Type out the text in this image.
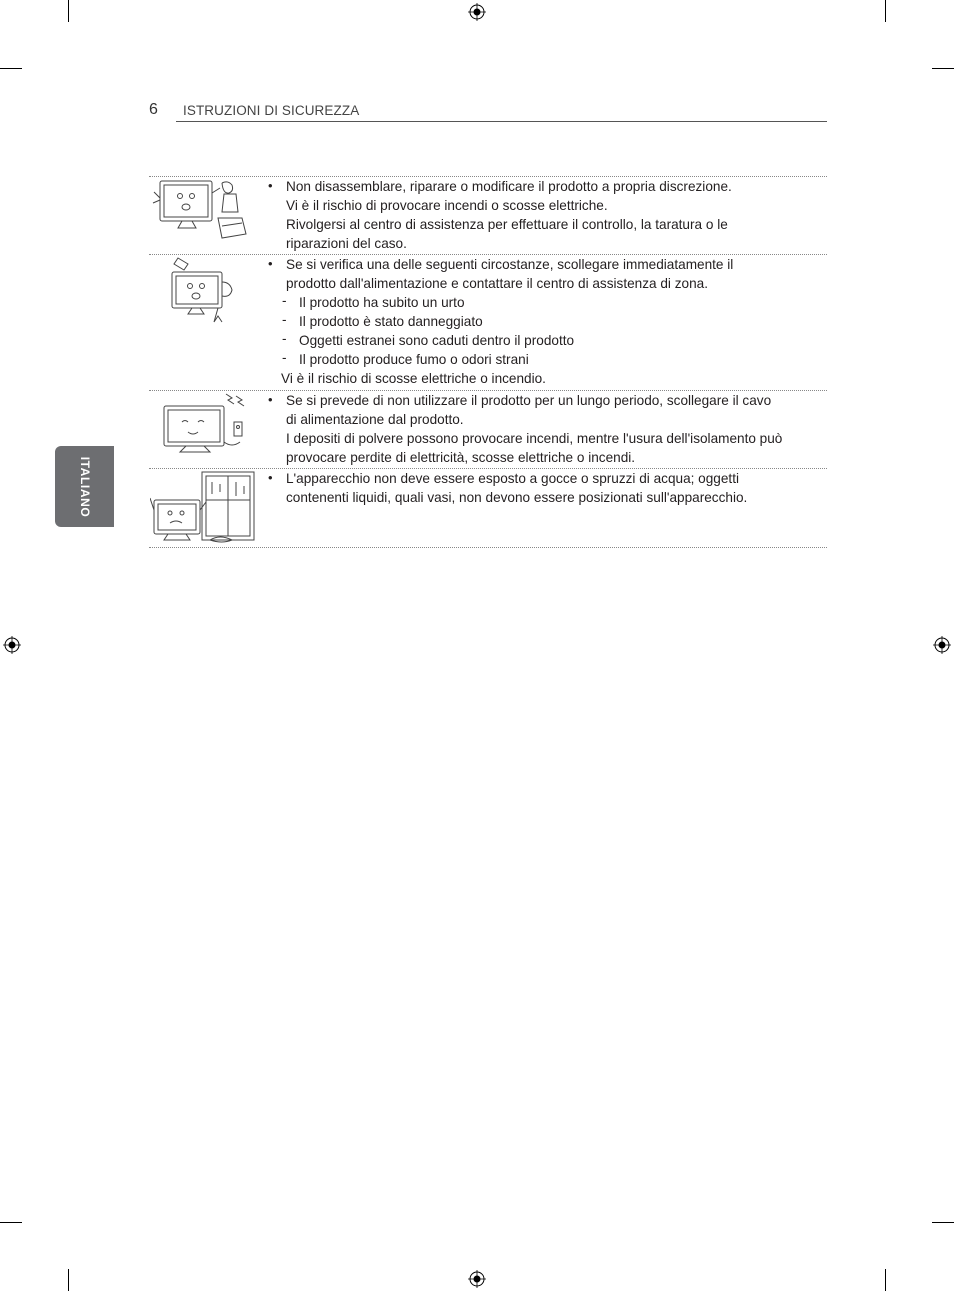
6 ISTRUZIONI DI SICUREZZA
ITALIANO
• Non disassemblare, riparare o modificare il prodotto a propria discrezione.
Vi è il rischio di provocare incendi o scosse elettriche.
Rivolgersi al centro di assistenza per effettuare il controllo, la taratura o le
riparazioni del caso.
• Se si verifica una delle seguenti circostanze, scollegare immediatamente il
prodotto dall'alimentazione e contattare il centro di assistenza di zona.
- Il prodotto ha subito un urto
- Il prodotto è stato danneggiato
- Oggetti estranei sono caduti dentro il prodotto
- Il prodotto produce fumo o odori strani
Vi è il rischio di scosse elettriche o incendio.
• Se si prevede di non utilizzare il prodotto per un lungo periodo, scollegare il cavo
di alimentazione dal prodotto.
I depositi di polvere possono provocare incendi, mentre l'usura dell'isolamento può
provocare perdite di elettricità, scosse elettriche o incendi.
• L'apparecchio non deve essere esposto a gocce o spruzzi di acqua; oggetti
contenenti liquidi, quali vasi, non devono essere posizionati sull'apparecchio.
